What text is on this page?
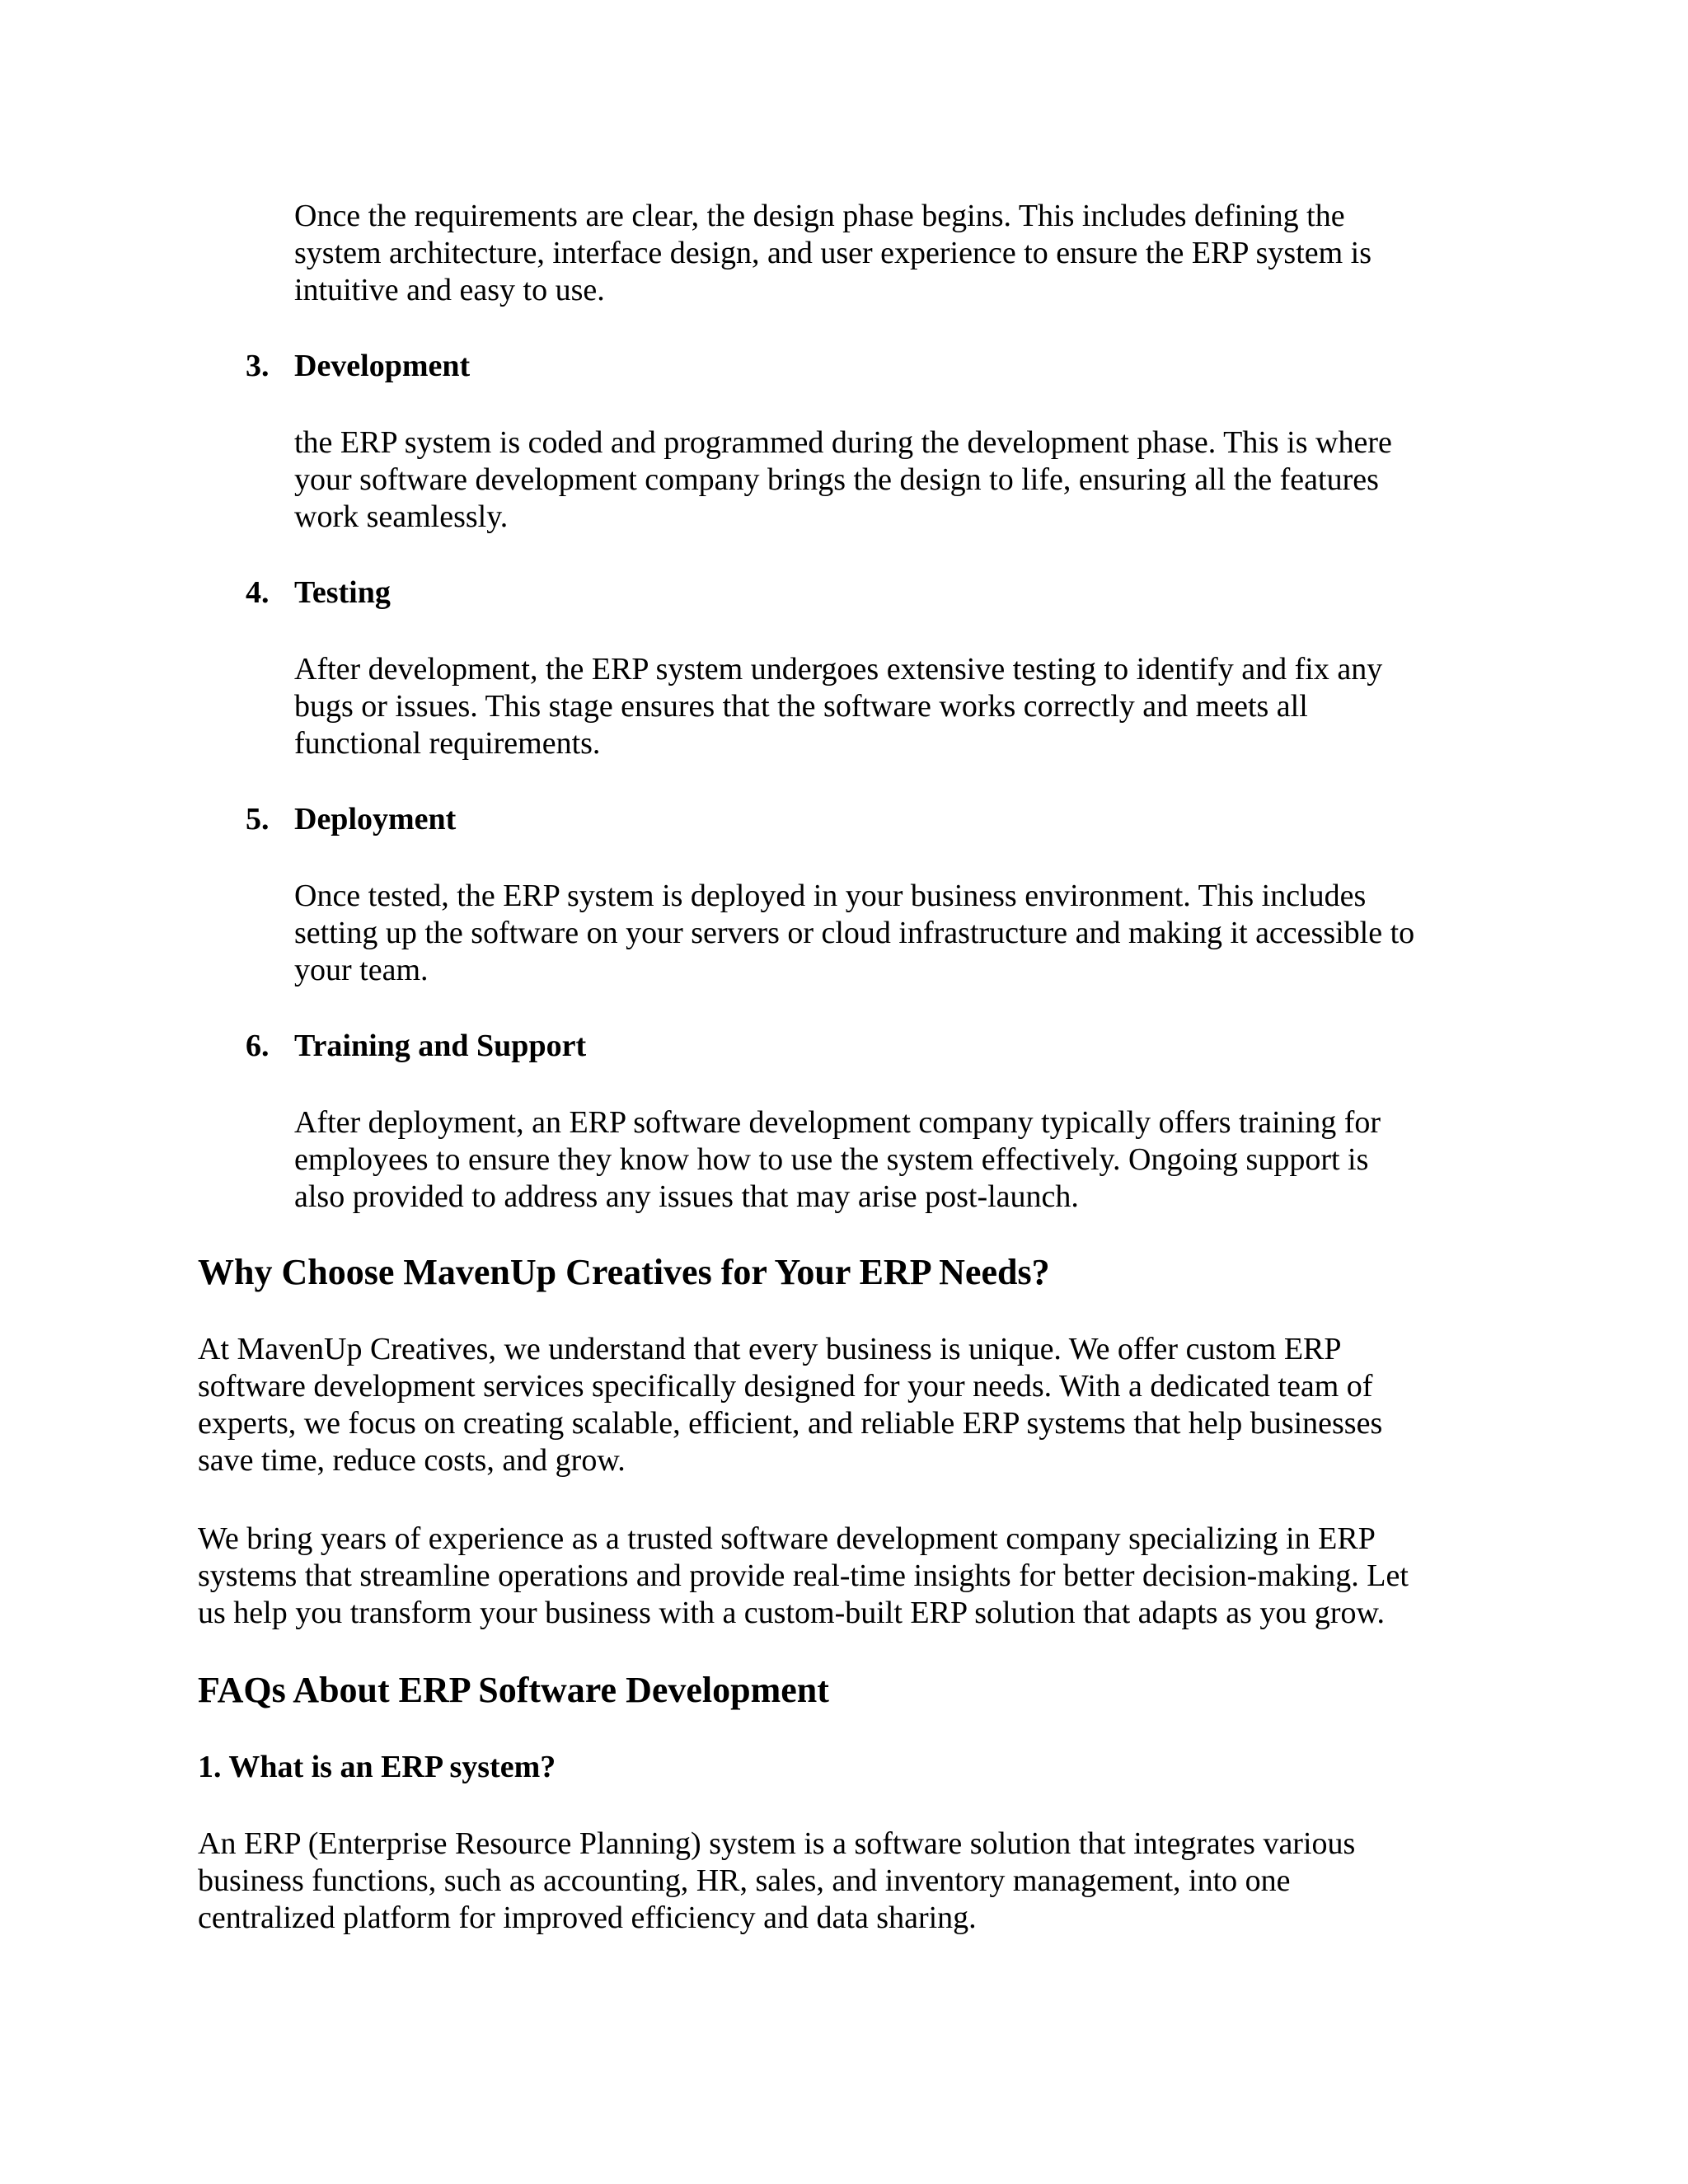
Once the requirements are clear, the design phase begins. This includes defining the
system architecture, interface design, and user experience to ensure the ERP system is
intuitive and easy to use.

3. Development

the ERP system is coded and programmed during the development phase. This is where
your software development company brings the design to life, ensuring all the features
work seamlessly.

4. Testing

After development, the ERP system undergoes extensive testing to identify and fix any
bugs or issues. This stage ensures that the software works correctly and meets all
functional requirements.

5. Deployment

Once tested, the ERP system is deployed in your business environment. This includes
setting up the software on your servers or cloud infrastructure and making it accessible to
your team.

6. Training and Support

After deployment, an ERP software development company typically offers training for
employees to ensure they know how to use the system effectively. Ongoing support is
also provided to address any issues that may arise post-launch.

Why Choose MavenUp Creatives for Your ERP Needs?

At MavenUp Creatives, we understand that every business is unique. We offer custom ERP
software development services specifically designed for your needs. With a dedicated team of
experts, we focus on creating scalable, efficient, and reliable ERP systems that help businesses
save time, reduce costs, and grow.

We bring years of experience as a trusted software development company specializing in ERP
systems that streamline operations and provide real-time insights for better decision-making. Let
us help you transform your business with a custom-built ERP solution that adapts as you grow.

FAQs About ERP Software Development
1. What is an ERP system?

An ERP (Enterprise Resource Planning) system is a software solution that integrates various
business functions, such as accounting, HR, sales, and inventory management, into one
centralized platform for improved efficiency and data sharing.
